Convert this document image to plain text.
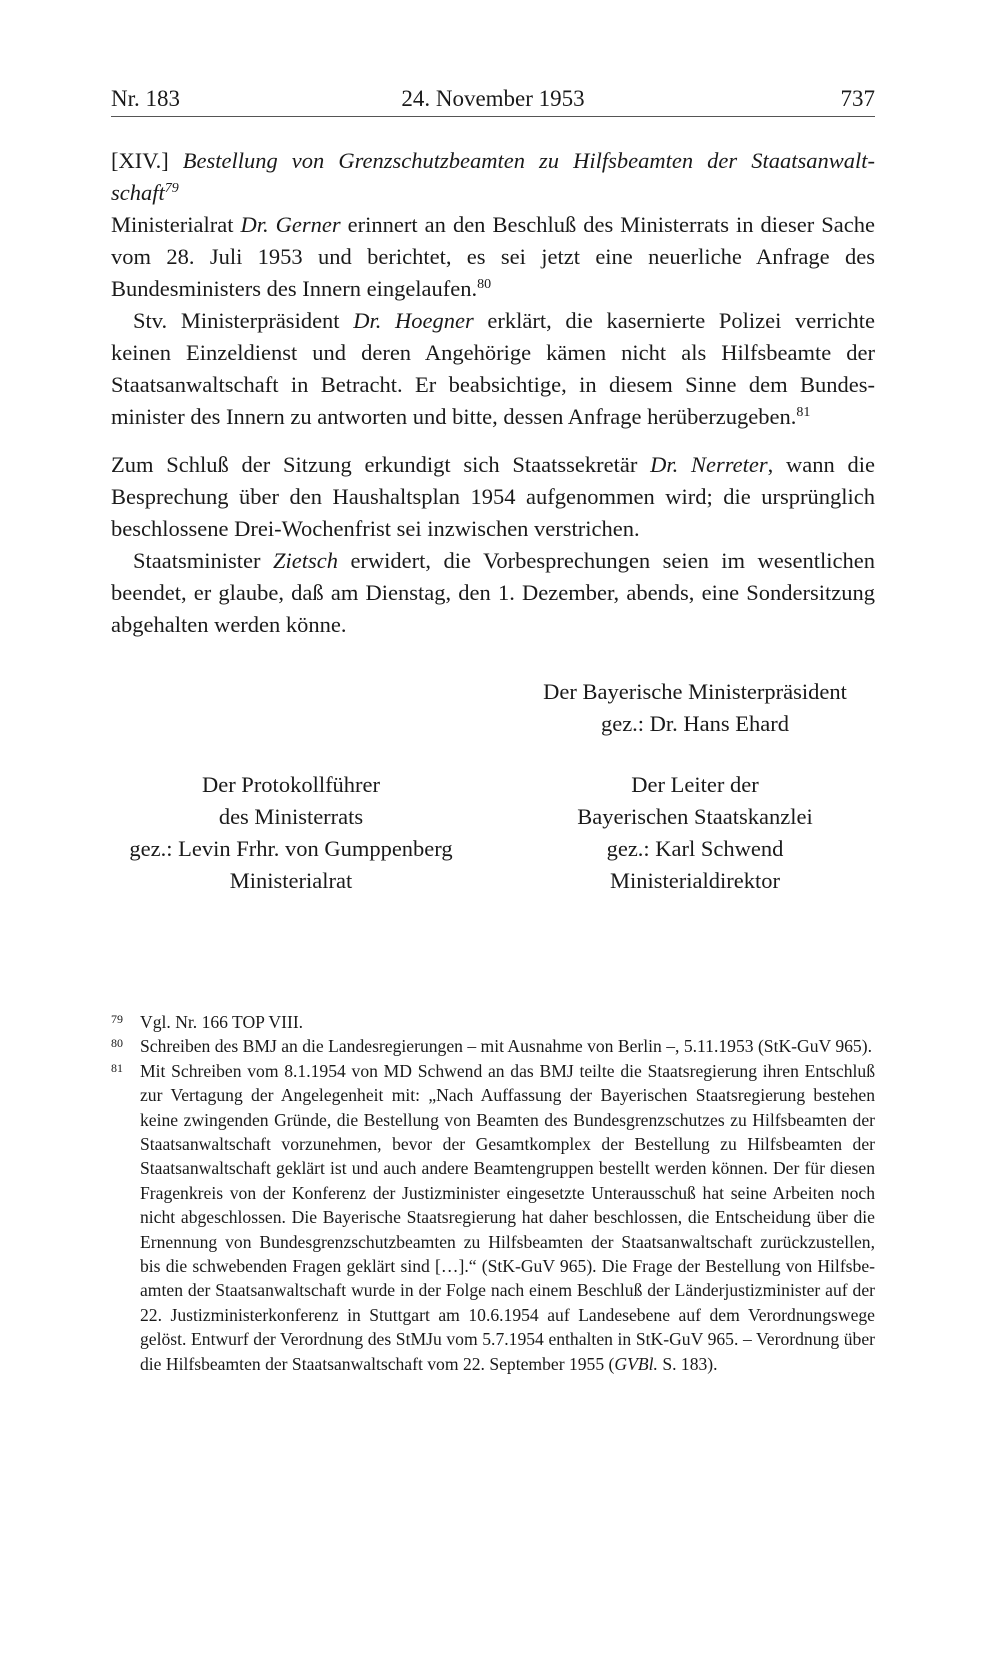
Nr. 183	24. November 1953	737

[XIV.] Bestellung von Grenzschutzbeamten zu Hilfsbeamten der Staatsanwaltschaft$^{79}$

Ministerialrat Dr. Gerner erinnert an den Beschluß des Ministerrats in dieser Sache vom 28. Juli 1953 und berichtet, es sei jetzt eine neuerliche Anfrage des Bundesministers des Innern eingelaufen.$^{80}$

Stv. Ministerpräsident Dr. Hoegner erklärt, die kasernierte Polizei verrichte keinen Einzeldienst und deren Angehörige kämen nicht als Hilfsbeamte der Staatsanwaltschaft in Betracht. Er beabsichtige, in diesem Sinne dem Bundesminister des Innern zu antworten und bitte, dessen Anfrage herüberzugeben.$^{81}$

Zum Schluß der Sitzung erkundigt sich Staatssekretär Dr. Nerreter, wann die Besprechung über den Haushaltsplan 1954 aufgenommen wird; die ursprünglich beschlossene Drei-Wochenfrist sei inzwischen verstrichen.

Staatsminister Zietsch erwidert, die Vorbesprechungen seien im wesentlichen beendet, er glaube, daß am Dienstag, den 1. Dezember, abends, eine Sondersitzung abgehalten werden könne.

Der Bayerische Ministerpräsident
gez.: Dr. Hans Ehard
Der Protokollführer
des Ministerrats
gez.: Levin Frhr. von Gumppenberg
Ministerialrat
Der Leiter der
Bayerischen Staatskanzlei
gez.: Karl Schwend
Ministerialdirektor

79 Vgl. Nr. 166 TOP VIII.

80 Schreiben des BMJ an die Landesregierungen – mit Ausnahme von Berlin –, 5.11.1953 (StK-GuV 965).

81 Mit Schreiben vom 8.1.1954 von MD Schwend an das BMJ teilte die Staatsregierung ihren Entschluß zur Vertagung der Angelegenheit mit: „Nach Auffassung der Bayerischen Staatsregierung bestehen keine zwingenden Gründe, die Bestellung von Beamten des Bundesgrenzschutzes zu Hilfsbeamten der Staatsanwaltschaft vorzunehmen, bevor der Gesamtkomplex der Bestellung zu Hilfsbeamten der Staatsanwaltschaft geklärt ist und auch andere Beamtengruppen bestellt werden können. Der für diesen Fragenkreis von der Konferenz der Justizminister eingesetzte Unterausschuß hat seine Arbeiten noch nicht abgeschlossen. Die Bayerische Staatsregierung hat daher beschlossen, die Entscheidung über die Ernennung von Bundesgrenzschutzbeamten zu Hilfsbeamten der Staatsanwaltschaft zurückzustellen, bis die schwebenden Fragen geklärt sind […].“ (StK-GuV 965). Die Frage der Bestellung von Hilfsbeamten der Staatsanwaltschaft wurde in der Folge nach einem Beschluß der Länderjustizminister auf der 22. Justizministerkonferenz in Stuttgart am 10.6.1954 auf Landesebene auf dem Verordnungswege gelöst. Entwurf der Verordnung des StMJu vom 5.7.1954 enthalten in StK-GuV 965. – Verordnung über die Hilfsbeamten der Staatsanwaltschaft vom 22. September 1955 (GVBl. S. 183).
